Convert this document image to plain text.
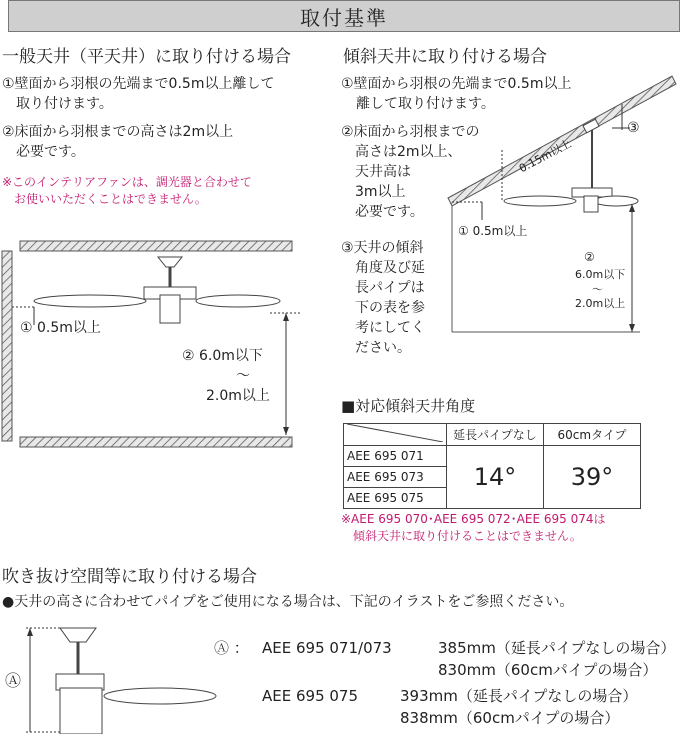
取付基準
一般天井（平天井）に取り付ける場合
①壁面から羽根の先端まで0.5m以上離して
取り付けます。
②床面から羽根までの高さは2m以上
必要です。
※このインテリアファンは、調光器と合わせて
お使いいただくことはできません。
① 0.5m以上
② 6.0m以下
～
2.0m以上
傾斜天井に取り付ける場合
①壁面から羽根の先端まで0.5m以上
離して取り付けます。
②床面から羽根までの
高さは2m以上、
天井高は
3m以上
必要です。
③天井の傾斜
角度及び延
長パイプは
下の表を参
考にしてく
ださい。
③
0.15m以上
① 0.5m以上
②
6.0m以下
～
2.0m以上
■対応傾斜天井角度
	延長パイプなし	60cmタイプ
AEE 695 071	14°	39°
AEE 695 073		
AEE 695 075		
※AEE 695 070･AEE 695 072･AEE 695 074は
傾斜天井に取り付けることはできません。
吹き抜け空間等に取り付ける場合
●天井の高さに合わせてパイプをご使用になる場合は、下記のイラストをご参照ください。
Ⓐ
Ⓐ ： AEE 695 071/073	385mm（延長パイプなしの場合）
830mm（60cmパイプの場合）
AEE 695 075	393mm（延長パイプなしの場合）
838mm（60cmパイプの場合）
